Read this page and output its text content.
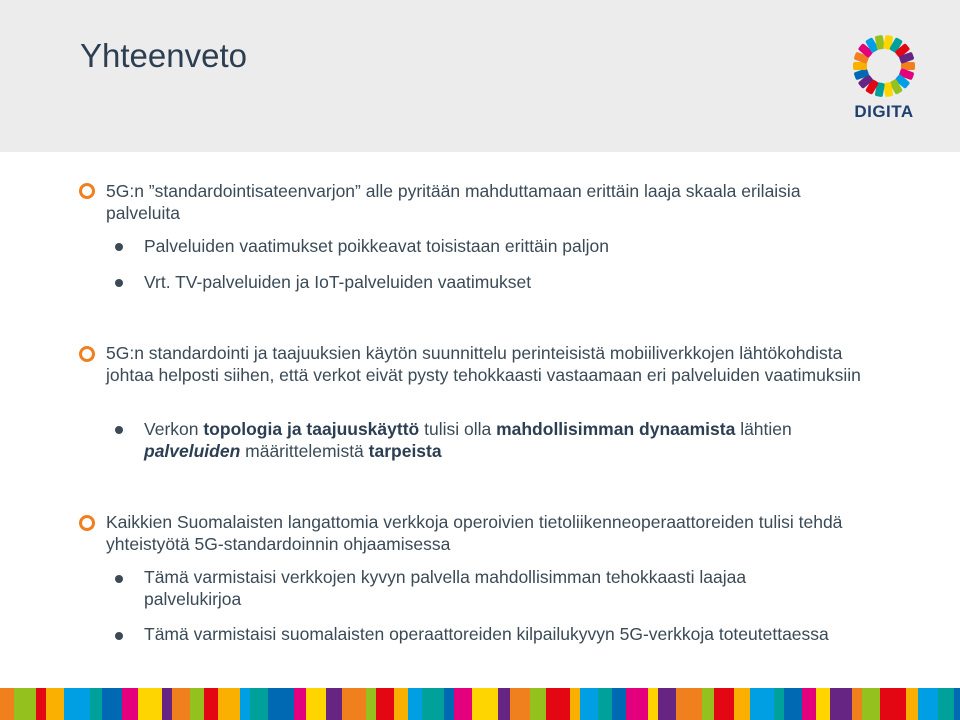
Yhteenveto
DIGITA
5G:n ”standardointisateenvarjon” alle pyritään mahduttamaan erittäin laaja skaala erilaisia palveluita
Palveluiden vaatimukset poikkeavat toisistaan erittäin paljon
Vrt. TV-palveluiden ja IoT-palveluiden vaatimukset
5G:n standardointi ja taajuuksien käytön suunnittelu perinteisistä mobiiliverkkojen lähtökohdista johtaa helposti siihen, että verkot eivät pysty tehokkaasti vastaamaan eri palveluiden vaatimuksiin
Verkon topologia ja taajuuskäyttö tulisi olla mahdollisimman dynaamista lähtien palveluiden määrittelemistä tarpeista
Kaikkien Suomalaisten langattomia verkkoja operoivien tietoliikenneoperaattoreiden tulisi tehdä yhteistyötä 5G-standardoinnin ohjaamisessa
Tämä varmistaisi verkkojen kyvyn palvella mahdollisimman tehokkaasti laajaa palvelukirjoa
Tämä varmistaisi suomalaisten operaattoreiden kilpailukyvyn 5G-verkkoja toteutettaessa
